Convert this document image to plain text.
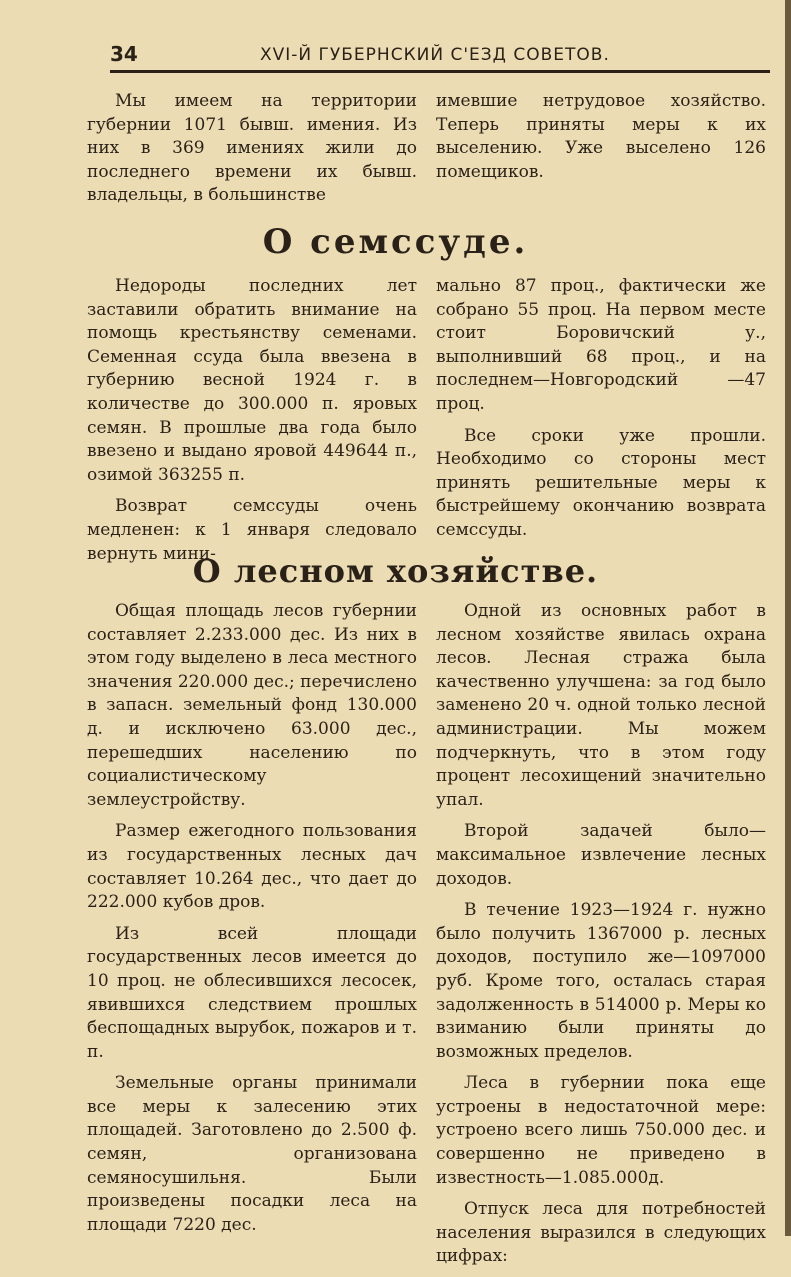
34	XVI-Й ГУБЕРНСКИЙ С'ЕЗД СОВЕТОВ.

Мы имеем на территории губернии 1071 бывш. имения. Из них в 369 имениях жили до последнего времени их бывш. владельцы, в большинстве

имевшие нетрудовое хозяйство. Теперь приняты меры к их выселению. Уже выселено 126 помещиков.

О семссуде.

Недороды последних лет заставили обратить внимание на помощь крестьянству семенами. Семенная ссуда была ввезена в губернию весной 1924 г. в количестве до 300.000 п. яровых семян. В прошлые два года было ввезено и выдано яровой 449644 п., озимой 363255 п.

Возврат семссуды очень медленен: к 1 января следовало вернуть мини-

мально 87 проц., фактически же собрано 55 проц. На первом месте стоит Боровичский у., выполнивший 68 проц., и на последнем—Новгородский —47 проц.

Все сроки уже прошли. Необходимо со стороны мест принять решительные меры к быстрейшему окончанию возврата семссуды.

О лесном хозяйстве.

Общая площадь лесов губернии составляет 2.233.000 дес. Из них в этом году выделено в леса местного значения 220.000 дес.; перечислено в запасн. земельный фонд 130.000 д. и исключено 63.000 дес., перешедших населению по социалистическому землеустройству.

Размер ежегодного пользования из государственных лесных дач составляет 10.264 дес., что дает до 222.000 кубов дров.

Из всей площади государственных лесов имеется до 10 проц. не облесившихся лесосек, явившихся следствием прошлых беспощадных вырубок, пожаров и т. п.

Земельные органы принимали все меры к залесению этих площадей. Заготовлено до 2.500 ф. семян, организована семяносушильня. Были произведены посадки леса на площади 7220 дес.

Одной из основных работ в лесном хозяйстве явилась охрана лесов. Лесная стража была качественно улучшена: за год было заменено 20 ч. одной только лесной администрации. Мы можем подчеркнуть, что в этом году процент лесохищений значительно упал.

Второй задачей было—максимальное извлечение лесных доходов.

В течение 1923—1924 г. нужно было получить 1367000 р. лесных доходов, поступило же—1097000 руб. Кроме того, осталась старая задолженность в 514000 р. Меры ко взиманию были приняты до возможных пределов.

Леса в губернии пока еще устроены в недостаточной мере: устроено всего лишь 750.000 дес. и совершенно не приведено в известность—1.085.000д.

Отпуск леса для потребностей населения выразился в следующих цифрах:
